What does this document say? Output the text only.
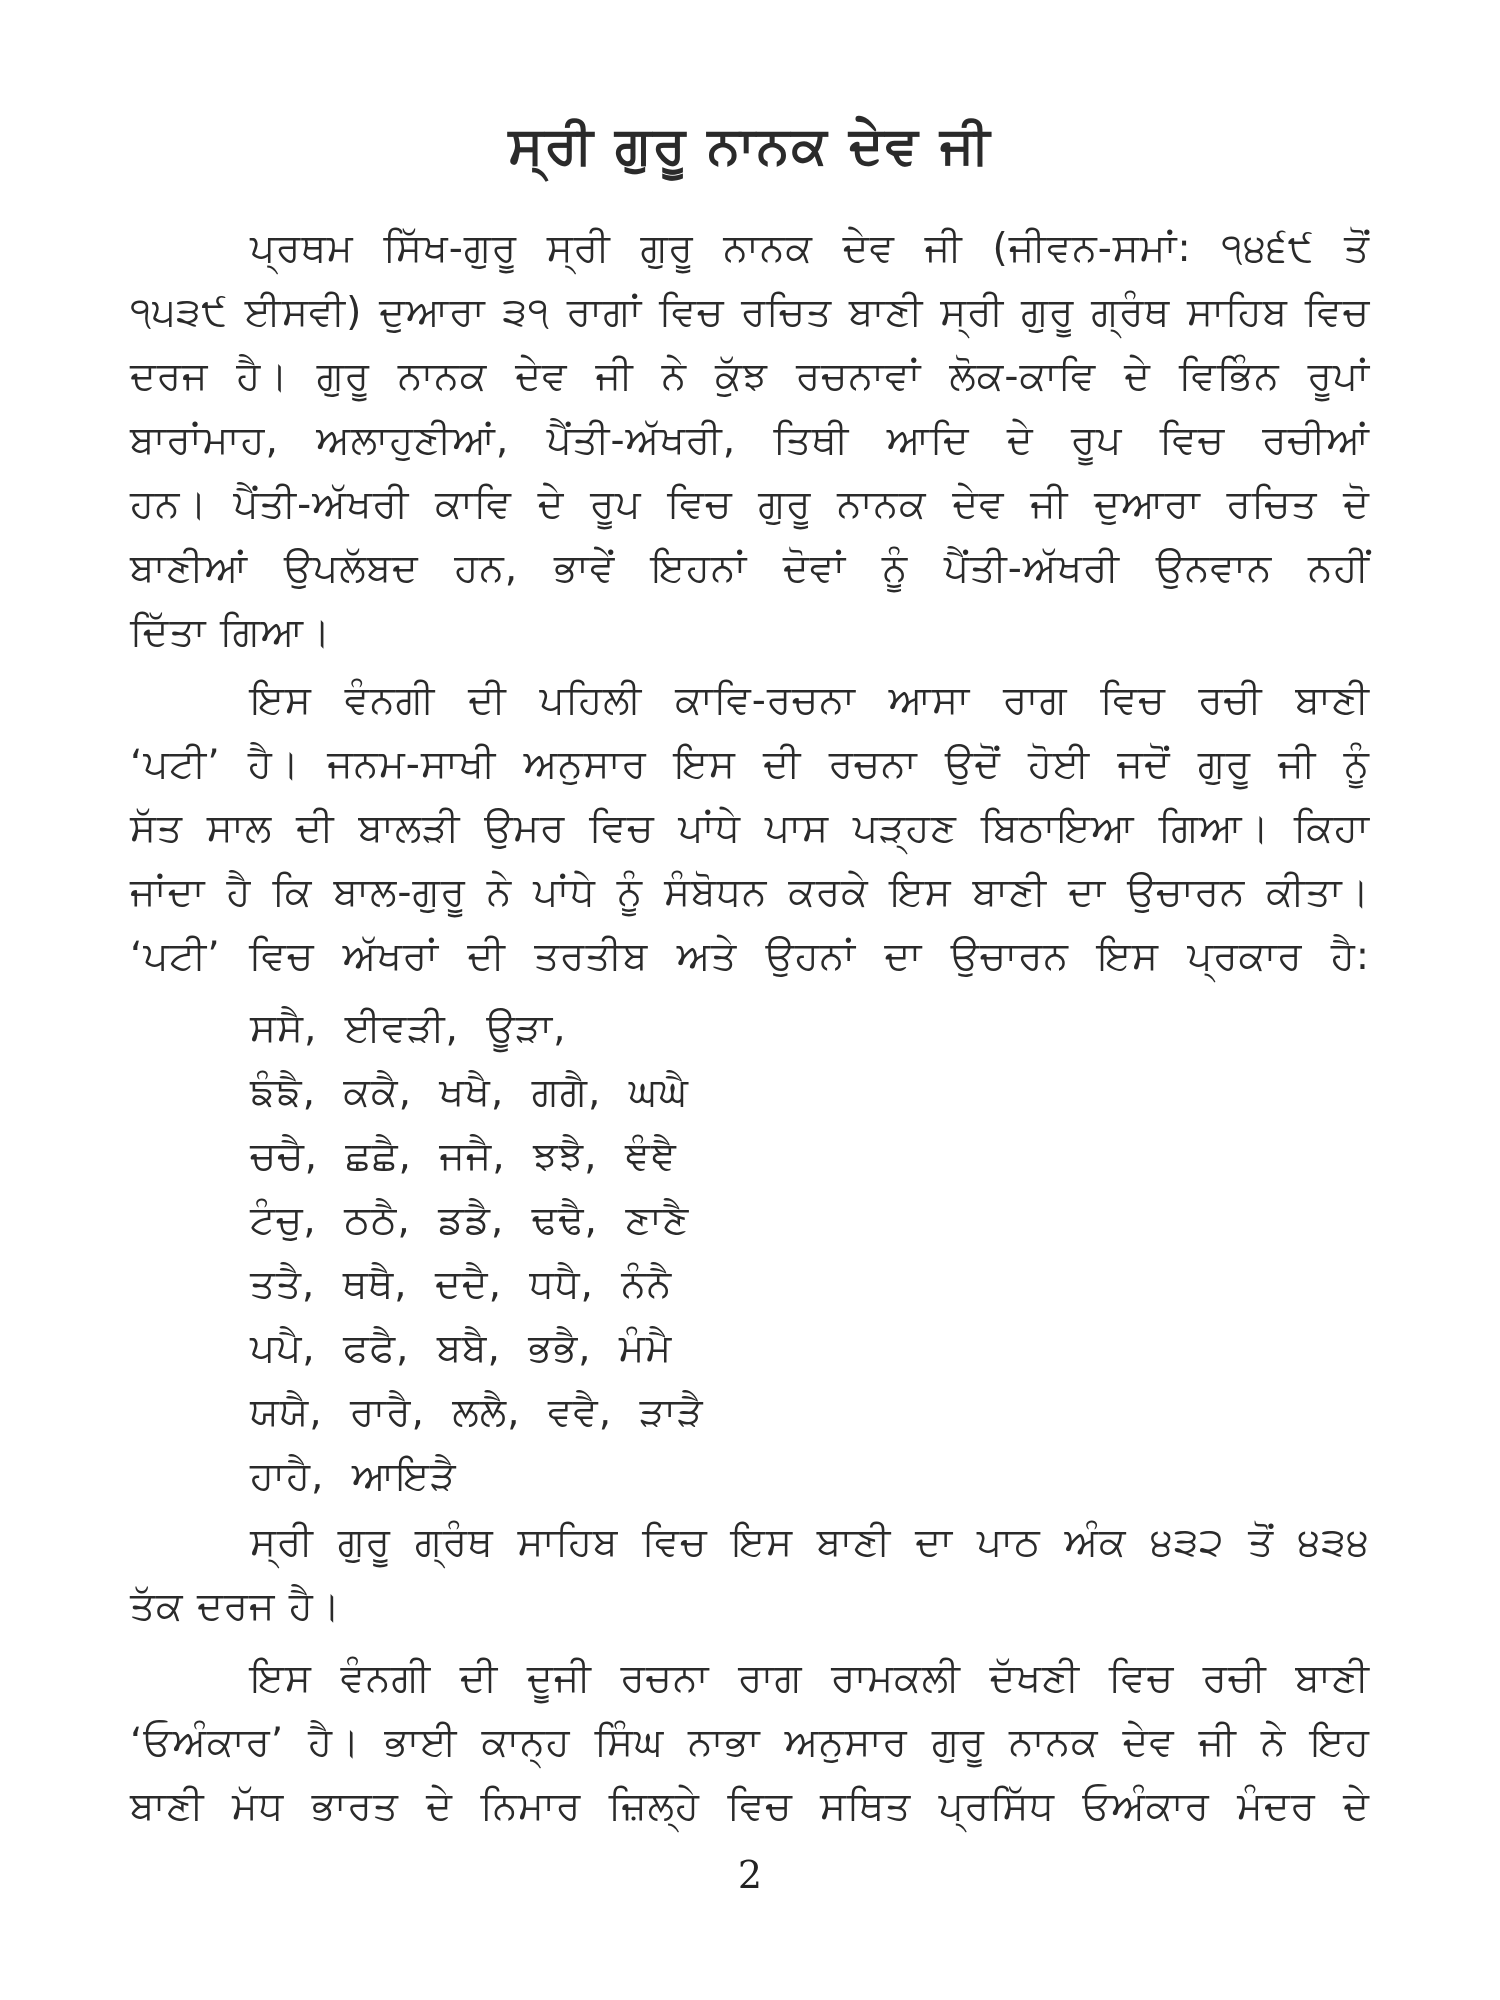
ਸ੍ਰੀ ਗੁਰੂ ਨਾਨਕ ਦੇਵ ਜੀ
ਪ੍ਰਥਮ ਸਿੱਖ-ਗੁਰੂ ਸ੍ਰੀ ਗੁਰੂ ਨਾਨਕ ਦੇਵ ਜੀ (ਜੀਵਨ-ਸਮਾਂ: ੧੪੬੯ ਤੋਂ
੧੫੩੯ ਈਸਵੀ) ਦੁਆਰਾ ੩੧ ਰਾਗਾਂ ਵਿਚ ਰਚਿਤ ਬਾਣੀ ਸ੍ਰੀ ਗੁਰੂ ਗ੍ਰੰਥ ਸਾਹਿਬ ਵਿਚ
ਦਰਜ ਹੈ। ਗੁਰੂ ਨਾਨਕ ਦੇਵ ਜੀ ਨੇ ਕੁੱਝ ਰਚਨਾਵਾਂ ਲੋਕ-ਕਾਵਿ ਦੇ ਵਿਭਿੰਨ ਰੂਪਾਂ
ਬਾਰਾਂਮਾਹ, ਅਲਾਹੁਣੀਆਂ, ਪੈਂਤੀ-ਅੱਖਰੀ, ਤਿਥੀ ਆਦਿ ਦੇ ਰੂਪ ਵਿਚ ਰਚੀਆਂ
ਹਨ। ਪੈਂਤੀ-ਅੱਖਰੀ ਕਾਵਿ ਦੇ ਰੂਪ ਵਿਚ ਗੁਰੂ ਨਾਨਕ ਦੇਵ ਜੀ ਦੁਆਰਾ ਰਚਿਤ ਦੋ
ਬਾਣੀਆਂ ਉਪਲੱਬਦ ਹਨ, ਭਾਵੇਂ ਇਹਨਾਂ ਦੋਵਾਂ ਨੂੰ ਪੈਂਤੀ-ਅੱਖਰੀ ਉਨਵਾਨ ਨਹੀਂ
ਦਿੱਤਾ ਗਿਆ।
ਇਸ ਵੰਨਗੀ ਦੀ ਪਹਿਲੀ ਕਾਵਿ-ਰਚਨਾ ਆਸਾ ਰਾਗ ਵਿਚ ਰਚੀ ਬਾਣੀ
‘ਪਟੀ’ ਹੈ। ਜਨਮ-ਸਾਖੀ ਅਨੁਸਾਰ ਇਸ ਦੀ ਰਚਨਾ ਉਦੋਂ ਹੋਈ ਜਦੋਂ ਗੁਰੂ ਜੀ ਨੂੰ
ਸੱਤ ਸਾਲ ਦੀ ਬਾਲੜੀ ਉਮਰ ਵਿਚ ਪਾਂਧੇ ਪਾਸ ਪੜ੍ਹਣ ਬਿਠਾਇਆ ਗਿਆ। ਕਿਹਾ
ਜਾਂਦਾ ਹੈ ਕਿ ਬਾਲ-ਗੁਰੂ ਨੇ ਪਾਂਧੇ ਨੂੰ ਸੰਬੋਧਨ ਕਰਕੇ ਇਸ ਬਾਣੀ ਦਾ ਉਚਾਰਨ ਕੀਤਾ।
‘ਪਟੀ’ ਵਿਚ ਅੱਖਰਾਂ ਦੀ ਤਰਤੀਬ ਅਤੇ ਉਹਨਾਂ ਦਾ ਉਚਾਰਨ ਇਸ ਪ੍ਰਕਾਰ ਹੈ:
ਸਸੈ, ਈਵੜੀ, ਊੜਾ,
ਙੰਙੈ, ਕਕੈ, ਖਖੈ, ਗਗੈ, ਘਘੈ
ਚਚੈ, ਛਛੈ, ਜਜੈ, ਝਝੈ, ਞੰਞੈ
ਟੰਚੁ, ਠਠੈ, ਡਡੈ, ਢਢੈ, ਣਾਣੈ
ਤਤੈ, ਥਥੈ, ਦਦੈ, ਧਧੈ, ਨੰਨੈ
ਪਪੈ, ਫਫੈ, ਬਬੈ, ਭਭੈ, ਮੰਮੈ
ਯਯੈ, ਰਾਰੈ, ਲਲੈ, ਵਵੈ, ੜਾੜੈ
ਹਾਹੈ, ਆਇੜੈ
ਸ੍ਰੀ ਗੁਰੂ ਗ੍ਰੰਥ ਸਾਹਿਬ ਵਿਚ ਇਸ ਬਾਣੀ ਦਾ ਪਾਠ ਅੰਕ ੪੩੨ ਤੋਂ ੪੩੪
ਤੱਕ ਦਰਜ ਹੈ।
ਇਸ ਵੰਨਗੀ ਦੀ ਦੂਜੀ ਰਚਨਾ ਰਾਗ ਰਾਮਕਲੀ ਦੱਖਣੀ ਵਿਚ ਰਚੀ ਬਾਣੀ
‘ਓਅੰਕਾਰ’ ਹੈ। ਭਾਈ ਕਾਨ੍ਹ ਸਿੰਘ ਨਾਭਾ ਅਨੁਸਾਰ ਗੁਰੂ ਨਾਨਕ ਦੇਵ ਜੀ ਨੇ ਇਹ
ਬਾਣੀ ਮੱਧ ਭਾਰਤ ਦੇ ਨਿਮਾਰ ਜ਼ਿਲ੍ਹੇ ਵਿਚ ਸਥਿਤ ਪ੍ਰਸਿੱਧ ਓਅੰਕਾਰ ਮੰਦਰ ਦੇ
2
